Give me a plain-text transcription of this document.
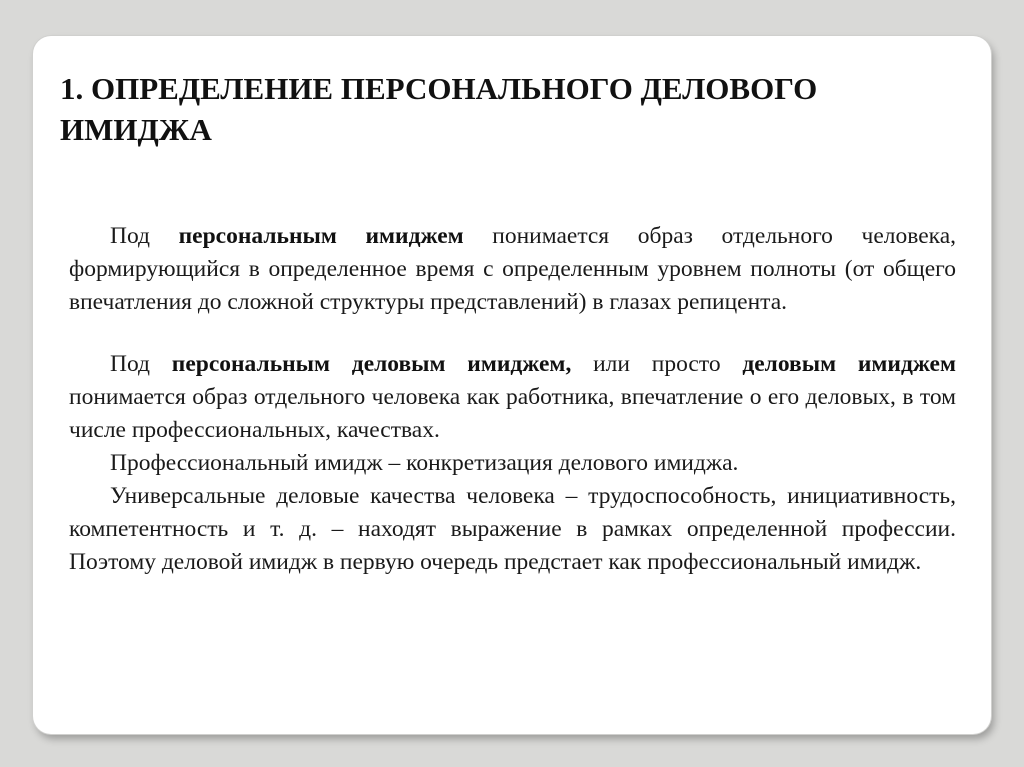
1. ОПРЕДЕЛЕНИЕ ПЕРСОНАЛЬНОГО ДЕЛОВОГО ИМИДЖА

Под персональным имиджем понимается образ отдельного человека, формирующийся в определенное время с определенным уровнем полноты (от общего впечатления до сложной структуры представлений) в глазах репицента.

Под персональным деловым имиджем, или просто деловым имиджем понимается образ отдельного человека как работника, впечатление о его деловых, в том числе профессиональных, качествах.

Профессиональный имидж – конкретизация делового имиджа.

Универсальные деловые качества человека – трудоспособность, инициативность, компетентность и т. д. – находят выражение в рамках определенной профессии. Поэтому деловой имидж в первую очередь предстает как профессиональный имидж.
